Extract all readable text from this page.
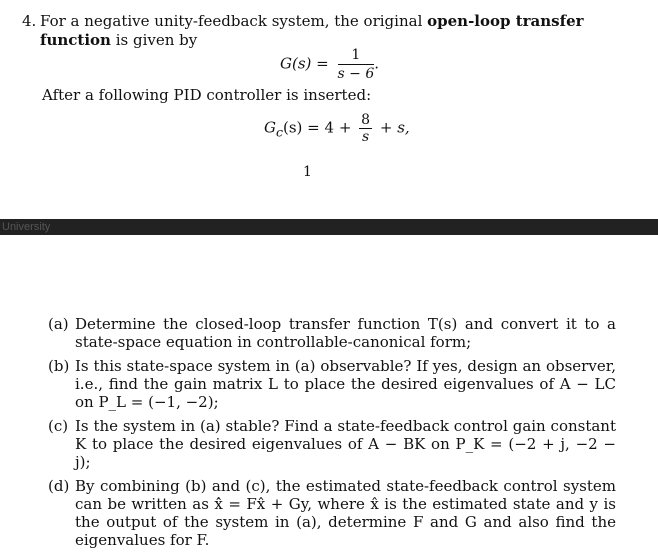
4. For a negative unity-feedback system, the original open-loop transfer function is given by
$G(s) = \frac{1}{s - 6}$ .
After a following PID controller is inserted:
$G_c(s) = 4 + \frac{8}{s} + s$,
1
University
(a) Determine the closed-loop transfer function T(s) and convert it to a state-space equation in controllable-canonical form;
(b) Is this state-space system in (a) observable? If yes, design an observer, i.e., find the gain matrix L to place the desired eigenvalues of A − LC on P_L = (−1, −2);
(c) Is the system in (a) stable? Find a state-feedback control gain constant K to place the desired eigenvalues of A − BK on P_K = (−2 + j, −2 − j);
(d) By combining (b) and (c), the estimated state-feedback control system can be written as x̂̇ = Fx̂ + Gy, where x̂ is the estimated state and y is the output of the system in (a), determine F and G and also find the eigenvalues for F.
